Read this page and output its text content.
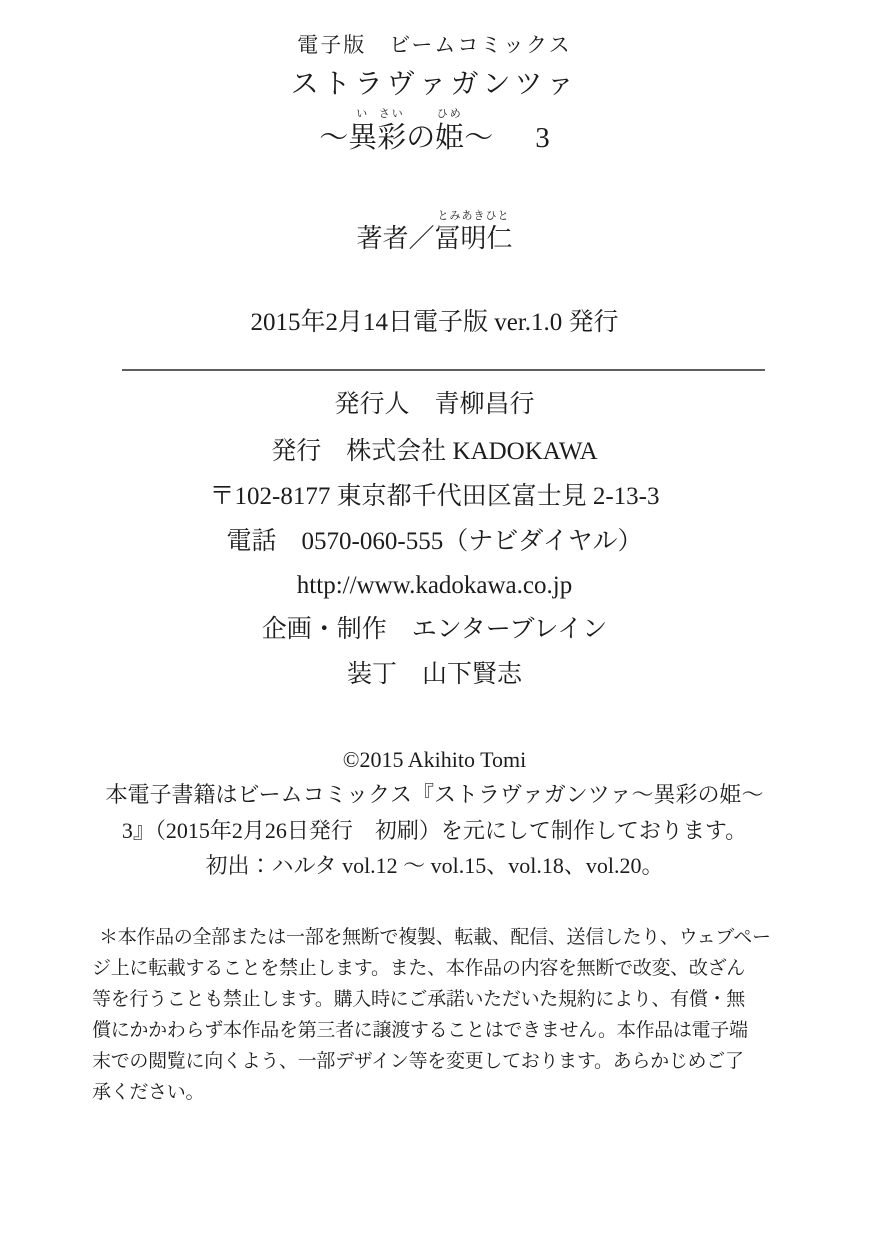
電子版　ビームコミックス
ストラヴァガンツァ
～
い
異
さい
彩 の
ひめ
姫 ～ 3
著者／
とみあきひと
冨明仁
2015年2月14日電子版 ver.1.0 発行
発行人　青柳昌行
発行　株式会社 KADOKAWA
〒102-8177 東京都千代田区富士見 2-13-3
電話　0570-060-555（ナビダイヤル）
http://www.kadokawa.co.jp
企画・制作　エンターブレイン
装丁　山下賢志
©2015 Akihito Tomi
本電子書籍はビームコミックス『ストラヴァガンツァ～異彩の姫～
3』（2015年2月26日発行　初刷）を元にして制作しております。
初出：ハルタ vol.12 ～ vol.15、vol.18、vol.20。
＊本作品の全部または一部を無断で複製、転載、配信、送信したり、ウェブペー
ジ上に転載することを禁止します。また、本作品の内容を無断で改変、改ざん
等を行うことも禁止します。購入時にご承諾いただいた規約により、有償・無
償にかかわらず本作品を第三者に譲渡することはできません。本作品は電子端
末での閲覧に向くよう、一部デザイン等を変更しております。あらかじめご了
承ください。
